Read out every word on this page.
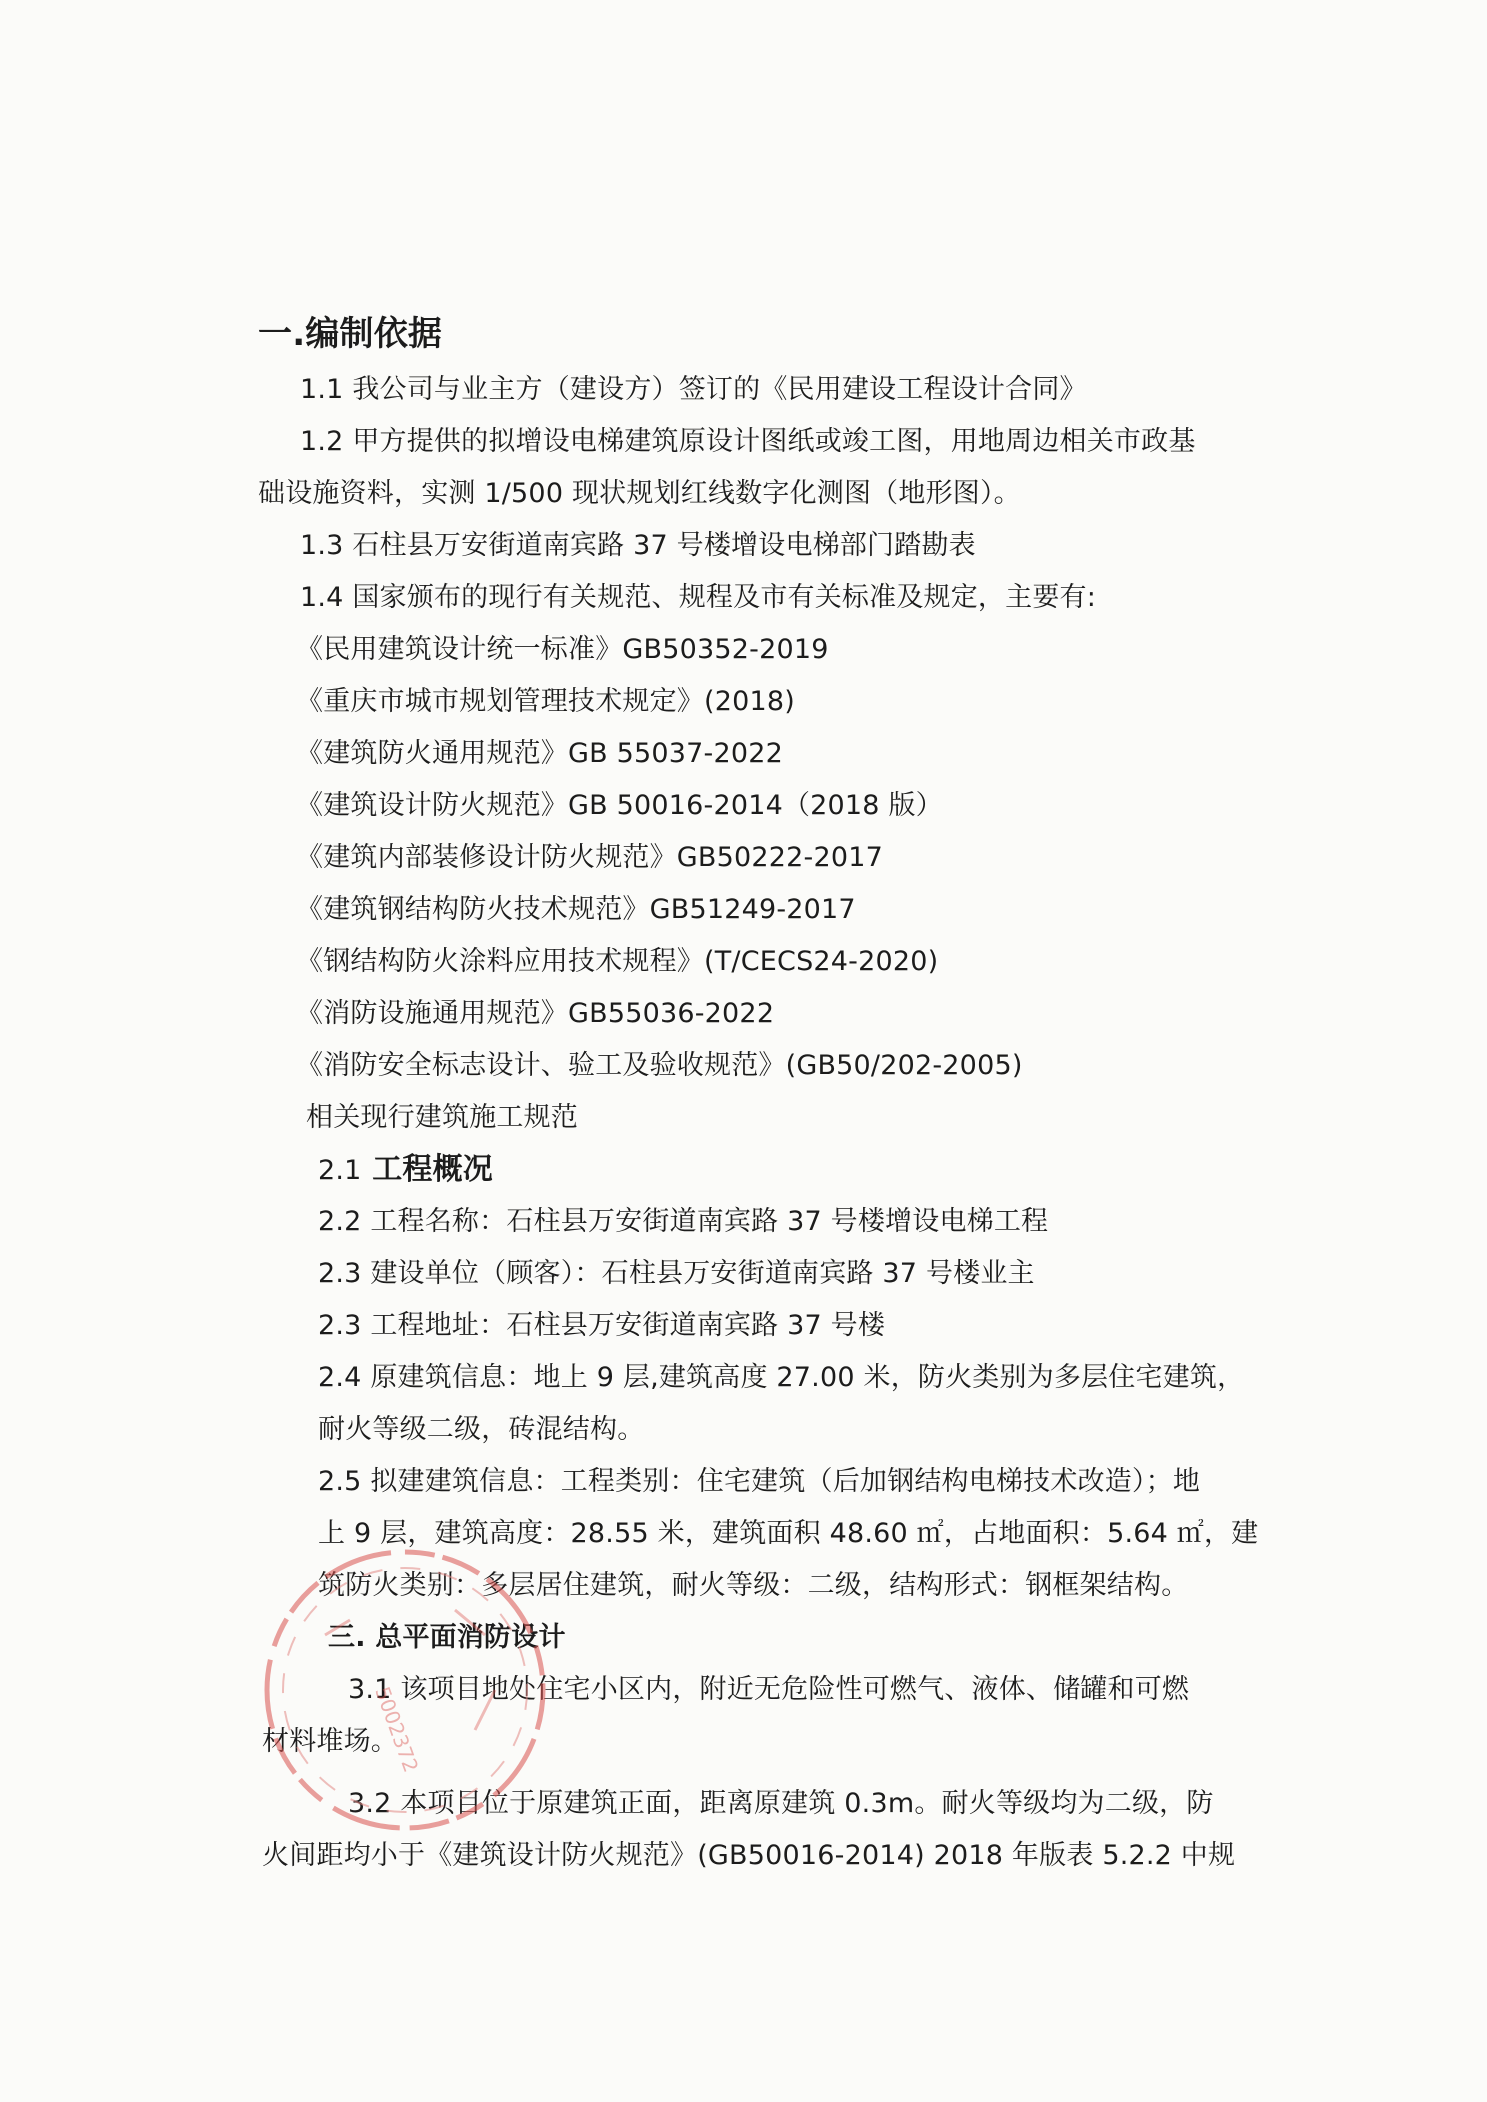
一.编制依据
1.1 我公司与业主方（建设方）签订的《民用建设工程设计合同》
1.2 甲方提供的拟增设电梯建筑原设计图纸或竣工图，用地周边相关市政基
础设施资料，实测 1/500 现状规划红线数字化测图（地形图）。
1.3 石柱县万安街道南宾路 37 号楼增设电梯部门踏勘表
1.4 国家颁布的现行有关规范、规程及市有关标准及规定，主要有:
《民用建筑设计统一标准》GB50352-2019
《重庆市城市规划管理技术规定》(2018)
《建筑防火通用规范》GB 55037-2022
《建筑设计防火规范》GB 50016-2014（2018 版）
《建筑内部装修设计防火规范》GB50222-2017
《建筑钢结构防火技术规范》GB51249-2017
《钢结构防火涂料应用技术规程》(T/CECS24-2020)
《消防设施通用规范》GB55036-2022
《消防安全标志设计、验工及验收规范》(GB50/202-2005)
相关现行建筑施工规范
2.1 工程概况
2.2 工程名称：石柱县万安街道南宾路 37 号楼增设电梯工程
2.3 建设单位（顾客）：石柱县万安街道南宾路 37 号楼业主
2.3 工程地址：石柱县万安街道南宾路 37 号楼
2.4 原建筑信息：地上 9 层,建筑高度 27.00 米，防火类别为多层住宅建筑，
耐火等级二级，砖混结构。
2.5 拟建建筑信息：工程类别：住宅建筑（后加钢结构电梯技术改造）；地
上 9 层，建筑高度：28.55 米，建筑面积 48.60 ㎡，占地面积：5.64 ㎡，建
筑防火类别：多层居住建筑，耐火等级：二级，结构形式：钢框架结构。
三. 总平面消防设计
3.1 该项目地处住宅小区内，附近无危险性可燃气、液体、储罐和可燃
材料堆场。
3.2 本项目位于原建筑正面，距离原建筑 0.3m。耐火等级均为二级，防
火间距均小于《建筑设计防火规范》(GB50016-2014) 2018 年版表 5.2.2 中规
5002372
